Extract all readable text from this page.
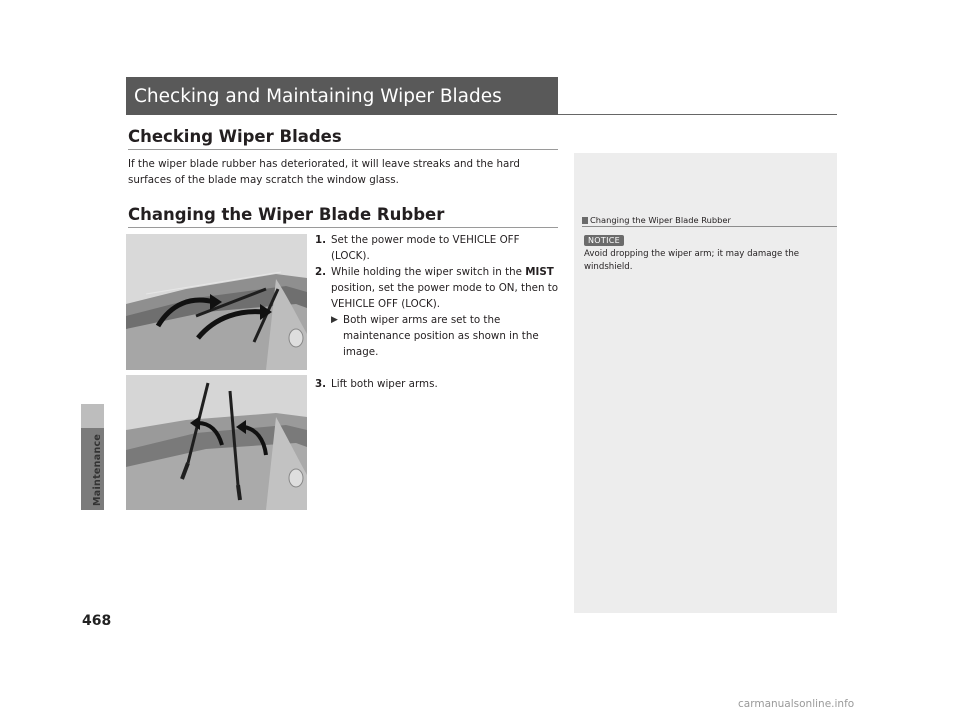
Maintenance
468
Checking and Maintaining Wiper Blades
Checking Wiper Blades
If the wiper blade rubber has deteriorated, it will leave streaks and the hard surfaces of the blade may scratch the window glass.
Changing the Wiper Blade Rubber
1. Set the power mode to VEHICLE OFF (LOCK).
2. While holding the wiper switch in the MIST position, set the power mode to ON, then to VEHICLE OFF (LOCK).
▶ Both wiper arms are set to the maintenance position as shown in the image.
3. Lift both wiper arms.
Changing the Wiper Blade Rubber
NOTICE
Avoid dropping the wiper arm; it may damage the windshield.
carmanualsonline.info
